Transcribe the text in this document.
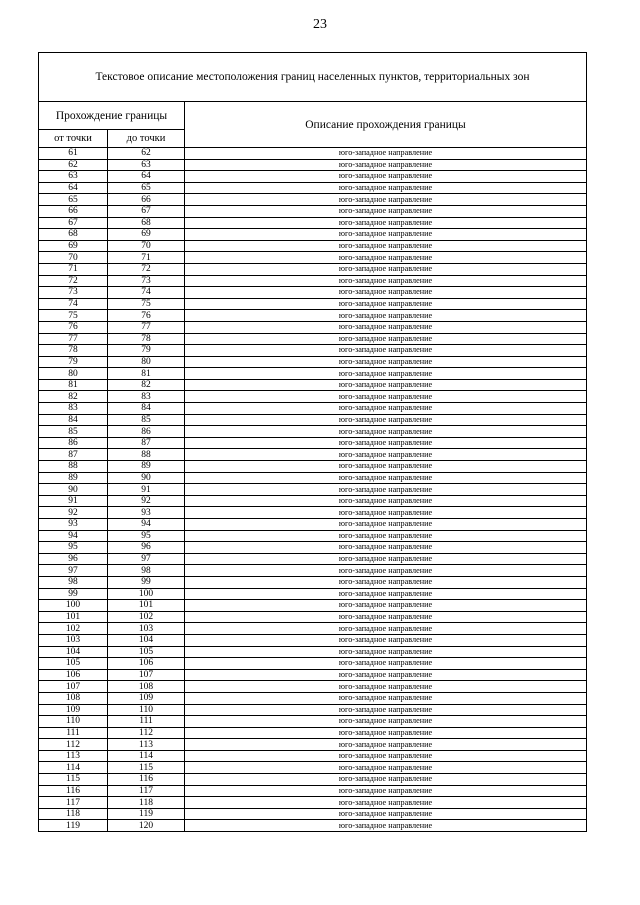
23
Текстовое описание местоположения границ населенных пунктов, территориальных зон		
Прохождение границы		Описание прохождения границы
от точки	до точки	
61	62	юго-западное направление
62	63	юго-западное направление
63	64	юго-западное направление
64	65	юго-западное направление
65	66	юго-западное направление
66	67	юго-западное направление
67	68	юго-западное направление
68	69	юго-западное направление
69	70	юго-западное направление
70	71	юго-западное направление
71	72	юго-западное направление
72	73	юго-западное направление
73	74	юго-западное направление
74	75	юго-западное направление
75	76	юго-западное направление
76	77	юго-западное направление
77	78	юго-западное направление
78	79	юго-западное направление
79	80	юго-западное направление
80	81	юго-западное направление
81	82	юго-западное направление
82	83	юго-западное направление
83	84	юго-западное направление
84	85	юго-западное направление
85	86	юго-западное направление
86	87	юго-западное направление
87	88	юго-западное направление
88	89	юго-западное направление
89	90	юго-западное направление
90	91	юго-западное направление
91	92	юго-западное направление
92	93	юго-западное направление
93	94	юго-западное направление
94	95	юго-западное направление
95	96	юго-западное направление
96	97	юго-западное направление
97	98	юго-западное направление
98	99	юго-западное направление
99	100	юго-западное направление
100	101	юго-западное направление
101	102	юго-западное направление
102	103	юго-западное направление
103	104	юго-западное направление
104	105	юго-западное направление
105	106	юго-западное направление
106	107	юго-западное направление
107	108	юго-западное направление
108	109	юго-западное направление
109	110	юго-западное направление
110	111	юго-западное направление
111	112	юго-западное направление
112	113	юго-западное направление
113	114	юго-западное направление
114	115	юго-западное направление
115	116	юго-западное направление
116	117	юго-западное направление
117	118	юго-западное направление
118	119	юго-западное направление
119	120	юго-западное направление
